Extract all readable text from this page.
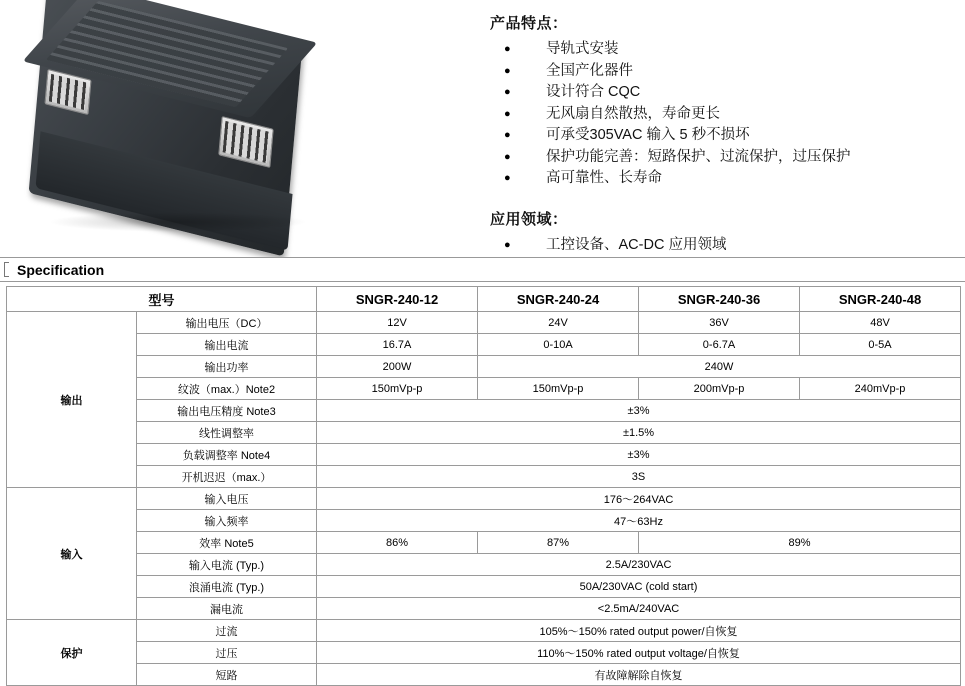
产品特点：
● 导轨式安装
● 全国产化器件
● 设计符合 CQC
● 无风扇自然散热，寿命更长
● 可承受305VAC 输入 5 秒不损坏
● 保护功能完善：短路保护、过流保护，过压保护
● 高可靠性、长寿命
应用领域：
● 工控设备、AC-DC 应用领域
Specification
型号		SNGR-240-12	SNGR-240-24	SNGR-240-36	SNGR-240-48
输出	输出电压（DC）	12V	24V	36V	48V
	输出电流	16.7A	0-10A	0-6.7A	0-5A
	输出功率	200W	240W		
	纹波（max.）Note2	150mVp-p	150mVp-p	200mVp-p	240mVp-p
	输出电压精度 Note3	±3%			
	线性调整率	±1.5%			
	负载调整率 Note4	±3%			
	开机迟迟（max.）	3S			
输入	输入电压	176～264VAC			
	输入频率	47～63Hz			
	效率 Note5	86%	87%	89%	
	输入电流 (Typ.)	2.5A/230VAC			
	浪涌电流 (Typ.)	50A/230VAC (cold start)			
	漏电流	<2.5mA/240VAC			
保护	过流	105%～150% rated output power/自恢复			
	过压	110%～150% rated output voltage/自恢复			
	短路	有故障解除自恢复			
